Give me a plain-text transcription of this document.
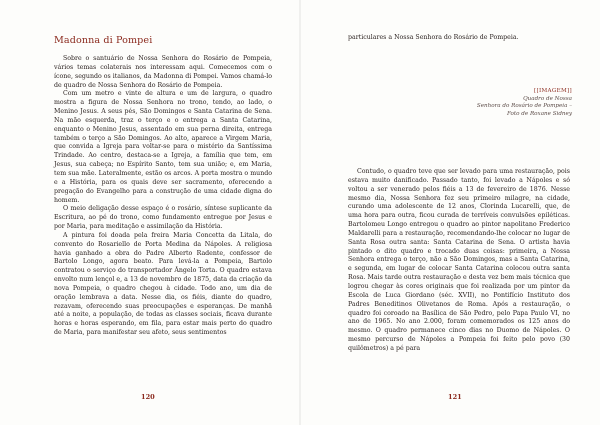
Madonna di Pompei

Sobre o santuário de Nossa Senhora do Rosário de Pompeia, vários temas colaterais nos interessam aqui. Comecemos com o ícone, segundo os italianos, da Madonna di Pompei. Vamos chamá-lo de quadro de Nossa Senhora do Rosário de Pompeia.

Com um metro e vinte de altura e um de largura, o quadro mostra a figura de Nossa Senhora no trono, tendo, ao lado, o Menino Jesus. A seus pés, São Domingos e Santa Catarina de Sena. Na mão esquerda, traz o terço e o entrega a Santa Catarina, enquanto o Menino Jesus, assentado em sua perna direita, entrega também o terço a São Domingos. Ao alto, aparece a Virgem Maria, que convida a Igreja para voltar-se para o mistério da Santíssima Trindade. Ao centro, destaca-se a Igreja, a família que tem, em Jesus, sua cabeça; no Espírito Santo, tem sua união; e, em Maria, tem sua mãe. Lateralmente, estão os arcos. A porta mostra o mundo e a História, para os quais deve ser sacramento, oferecendo a pregação do Evangelho para a construção de uma cidade digna do homem.

O meio deligação desse espaço é o rosário, síntese suplicante da Escritura, ao pé do trono, como fundamento entregue por Jesus e por Maria, para meditação e assimilação da História.

A pintura foi doada pela freira Maria Concetta da Litala, do convento do Rosariello de Porta Medina da Nápoles. A religiosa havia ganhado a obra do Padre Alberto Radente, confessor de Bartolo Longo, agora beato. Para levá-la a Pompeia, Bartolo contratou o serviço do transportador Ângelo Torta. O quadro estava envolto num lençol e, a 13 de novembro de 1875, data da criação da nova Pompeia, o quadro chegou à cidade. Todo ano, um dia de oração lembrava a data. Nesse dia, os fiéis, diante do quadro, rezavam, oferecendo suas preocupações e esperanças. De manhã até a noite, a população, de todas as classes sociais, ficava durante horas e horas esperando, em fila, para estar mais perto do quadro de Maria, para manifestar seu afeto, seus sentimentos

120

particulares a Nossa Senhora do Rosário de Pompeia.

[[IMAGEM]]
Quadro de Nossa
Senhora do Rosário de Pompeia –
Foto de Roxane Sidney

Contudo, o quadro teve que ser levado para uma restauração, pois estava muito danificado. Passado tanto, foi levado a Nápoles e só voltou a ser venerado pelos fiéis a 13 de fevereiro de 1876. Nesse mesmo dia, Nossa Senhora fez seu primeiro milagre, na cidade, curando uma adolescente de 12 anos, Clorinda Lucarelli, que, de uma hora para outra, ficou curada de terríveis convulsões epiléticas. Bartolomeu Longo entregou o quadro ao pintor napolitano Frederico Maldarelli para a restauração, recomendando-lhe colocar no lugar de Santa Rosa outra santa: Santa Catarina de Sena. O artista havia pintado o dito quadro e trocado duas coisas: primeira, a Nossa Senhora entrega o terço, não a São Domingos, mas a Santa Catarina, e segunda, em lugar de colocar Santa Catarina colocou outra santa Rosa. Mais tarde outra restauração e desta vez bem mais técnica que logrou chegar às cores originais que foi realizada por um pintor da Escola de Luca Giordano (séc. XVII), no Pontifício Instituto dos Padres Beneditinos Olivetanos de Roma. Após a restauração, o quadro foi coroado na Basílica de São Pedro, pelo Papa Paulo VI, no ano de 1965. No ano 2.000, foram comemorados os 125 anos do mesmo. O quadro permanece cinco dias no Duomo de Nápoles. O mesmo percurso de Nápoles a Pompeia foi feito pelo povo (30 quilômetros) a pé para

121
